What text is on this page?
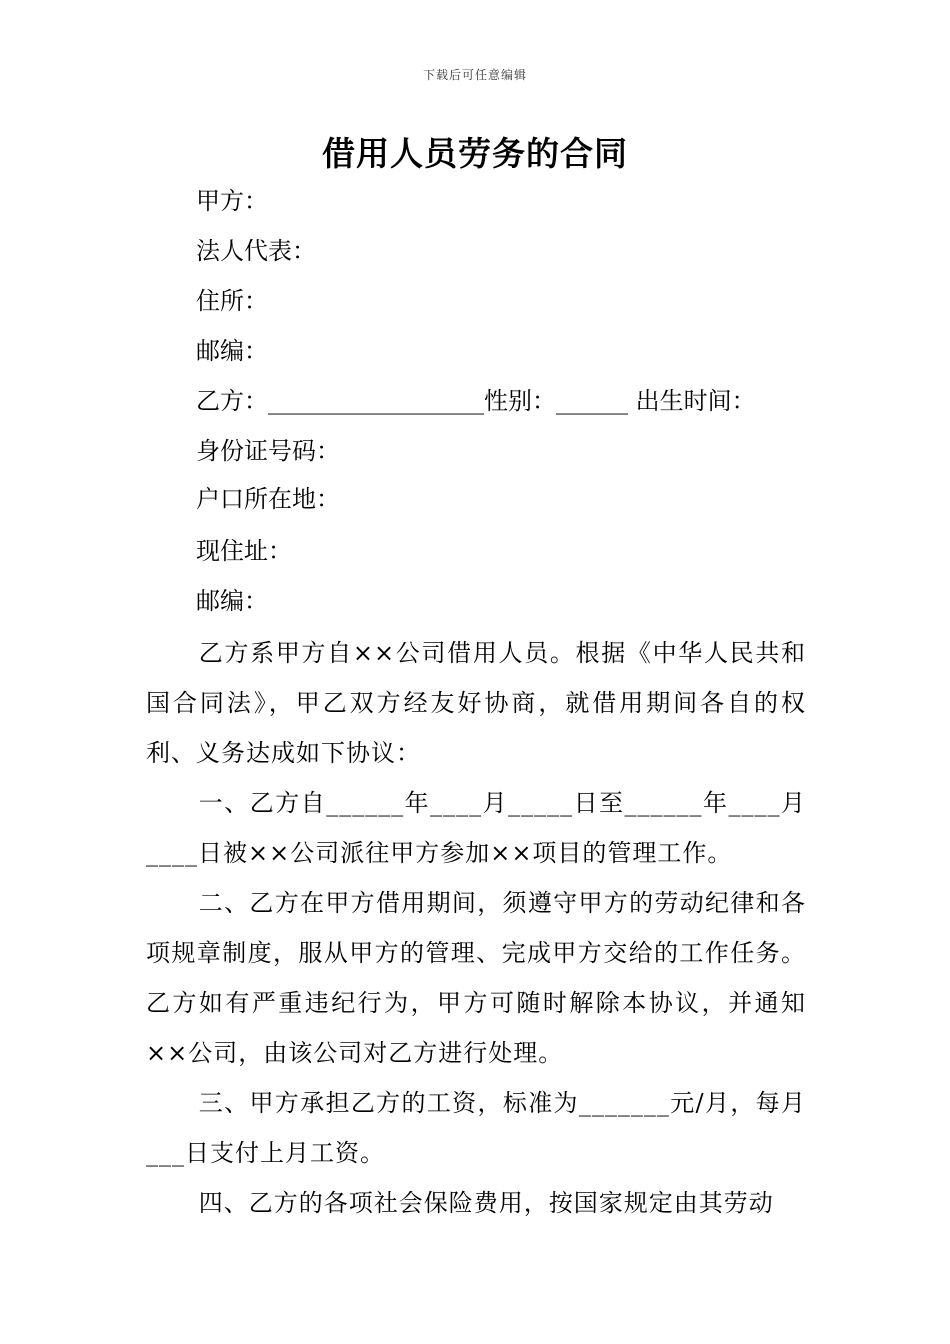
下载后可任意编辑
借用人员劳务的合同
甲方：
法人代表：
住所：
邮编：
乙方：__________________性别：______ 出生时间：
身份证号码：
户口所在地：
现住址：
邮编：

乙方系甲方自××公司借用人员。根据《中华人民共和国合同法》，甲乙双方经友好协商，就借用期间各自的权利、义务达成如下协议：

一、乙方自______年____月_____日至______年____月____日被××公司派往甲方参加××项目的管理工作。

二、乙方在甲方借用期间，须遵守甲方的劳动纪律和各项规章制度，服从甲方的管理、完成甲方交给的工作任务。乙方如有严重违纪行为，甲方可随时解除本协议，并通知××公司，由该公司对乙方进行处理。

三、甲方承担乙方的工资，标准为_______元/月，每月___日支付上月工资。

四、乙方的各项社会保险费用，按国家规定由其劳动
